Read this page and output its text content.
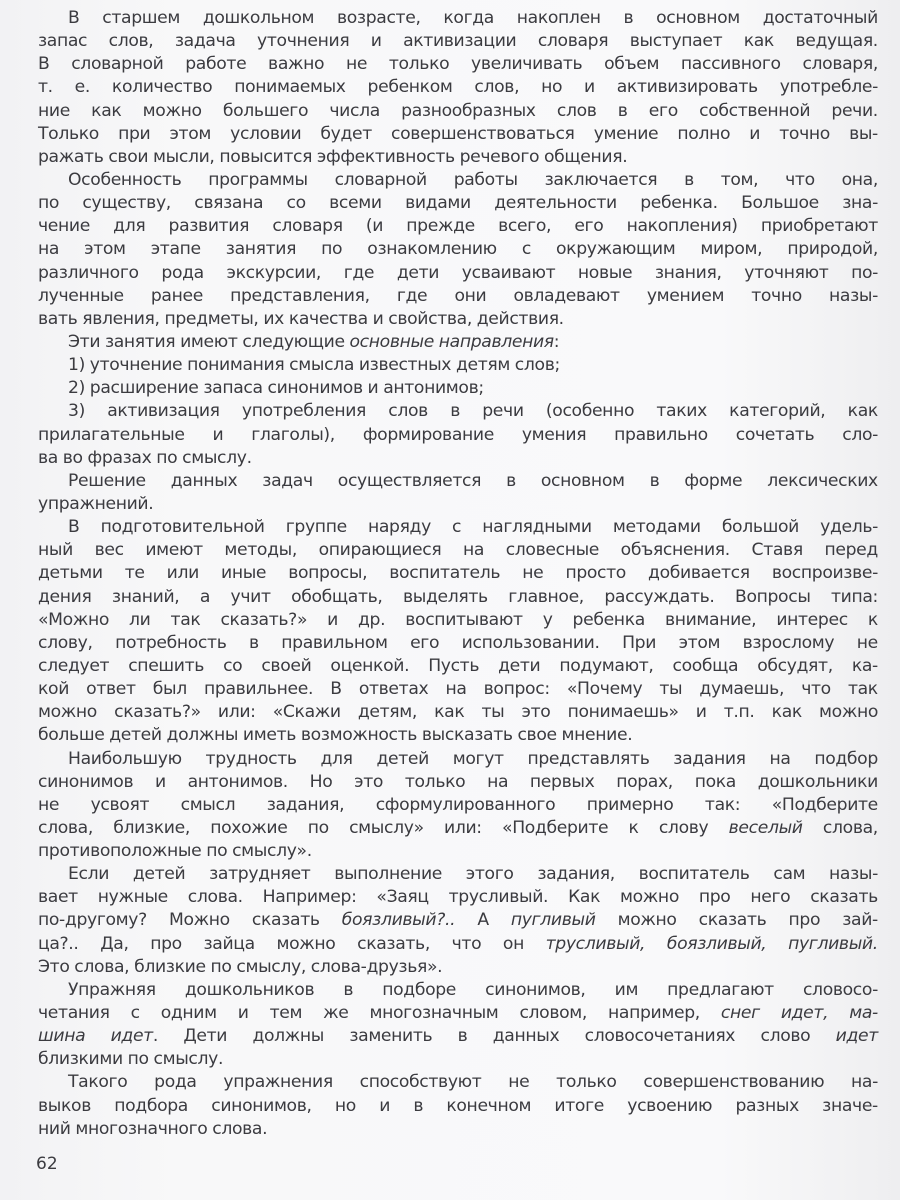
В старшем дошкольном возрасте, когда накоплен в основном достаточный
запас слов, задача уточнения и активизации словаря выступает как ведущая.
В словарной работе важно не только увеличивать объем пассивного словаря,
т. е. количество понимаемых ребенком слов, но и активизировать употребле-
ние как можно большего числа разнообразных слов в его собственной речи.
Только при этом условии будет совершенствоваться умение полно и точно вы-
ражать свои мысли, повысится эффективность речевого общения.
Особенность программы словарной работы заключается в том, что она,
по существу, связана со всеми видами деятельности ребенка. Большое зна-
чение для развития словаря (и прежде всего, его накопления) приобретают
на этом этапе занятия по ознакомлению с окружающим миром, природой,
различного рода экскурсии, где дети усваивают новые знания, уточняют по-
лученные ранее представления, где они овладевают умением точно назы-
вать явления, предметы, их качества и свойства, действия.
Эти занятия имеют следующие основные направления:
1) уточнение понимания смысла известных детям слов;
2) расширение запаса синонимов и антонимов;
3) активизация употребления слов в речи (особенно таких категорий, как
прилагательные и глаголы), формирование умения правильно сочетать сло-
ва во фразах по смыслу.
Решение данных задач осуществляется в основном в форме лексических
упражнений.
В подготовительной группе наряду с наглядными методами большой удель-
ный вес имеют методы, опирающиеся на словесные объяснения. Ставя перед
детьми те или иные вопросы, воспитатель не просто добивается воспроизве-
дения знаний, а учит обобщать, выделять главное, рассуждать. Вопросы типа:
«Можно ли так сказать?» и др. воспитывают у ребенка внимание, интерес к
слову, потребность в правильном его использовании. При этом взрослому не
следует спешить со своей оценкой. Пусть дети подумают, сообща обсудят, ка-
кой ответ был правильнее. В ответах на вопрос: «Почему ты думаешь, что так
можно сказать?» или: «Скажи детям, как ты это понимаешь» и т.п. как можно
больше детей должны иметь возможность высказать свое мнение.
Наибольшую трудность для детей могут представлять задания на подбор
синонимов и антонимов. Но это только на первых порах, пока дошкольники
не усвоят смысл задания, сформулированного примерно так: «Подберите
слова, близкие, похожие по смыслу» или: «Подберите к слову веселый слова,
противоположные по смыслу».
Если детей затрудняет выполнение этого задания, воспитатель сам назы-
вает нужные слова. Например: «Заяц трусливый. Как можно про него сказать
по-другому? Можно сказать боязливый?.. А пугливый можно сказать про зай-
ца?.. Да, про зайца можно сказать, что он трусливый, боязливый, пугливый.
Это слова, близкие по смыслу, слова-друзья».
Упражняя дошкольников в подборе синонимов, им предлагают словосо-
четания с одним и тем же многозначным словом, например, снег идет, ма-
шина идет. Дети должны заменить в данных словосочетаниях слово идет
близкими по смыслу.
Такого рода упражнения способствуют не только совершенствованию на-
выков подбора синонимов, но и в конечном итоге усвоению разных значе-
ний многозначного слова.
62
